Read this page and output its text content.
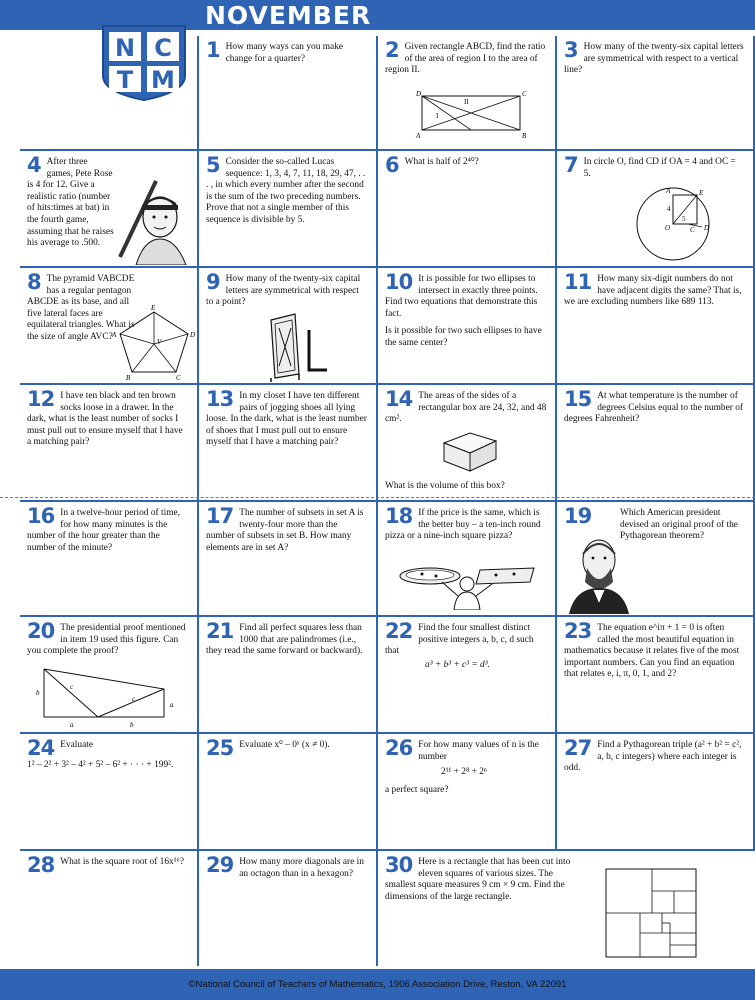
NOVEMBER
N C
T M
1 How many ways can you make change for a quarter?	2 Given rectangle ABCD, find the ratio of the area of region I to the area of region II.

D	C
A	B
I
II
3 How many of the twenty-six capital letters are symmetrical with respect to a vertical line?

4 After three games, Pete Rose is 4 for 12. Give a realistic ratio (number of hits:times at bat) in the fourth game, assuming that he raises his average to .500.

5 Consider the so-called Lucas sequence: 1, 3, 4, 7, 11, 18, 29, 47, . . . , in which every number after the second is the sum of the two preceding numbers. Prove that not a single member of this sequence is divisible by 5.

6 What is half of 2⁴⁰?	7 In circle O, find CD if OA = 4 and OC = 5.

A	E
O	C D
4
5
8 The pyramid VABCDE has a regular pentagon ABCDE as its base, and all five lateral faces are equilateral triangles. What is the size of angle AVC?

E
A
V
D
B	C
9 How many of the twenty-six capital letters are symmetrical with respect to a point?

10 It is possible for two ellipses to intersect in exactly three points. Find two equations that demonstrate this fact.

Is it possible for two such ellipses to have the same center?

11 How many six-digit numbers do not have adjacent digits the same? That is, we are excluding numbers like 689 113.

12 I have ten black and ten brown socks loose in a drawer. In the dark, what is the least number of socks I must pull out to ensure myself that I have a matching pair?

13 In my closet I have ten different pairs of jogging shoes all lying loose. In the dark, what is the least number of shoes that I must pull out to ensure myself that I have a matching pair?

14 The areas of the sides of a rectangular box are 24, 32, and 48 cm².

What is the volume of this box?

15 At what temperature is the number of degrees Celsius equal to the number of degrees Fahrenheit?

16 In a twelve-hour period of time, for how many minutes is the number of the hour greater than the number of the minute?

17 The number of subsets in set A is twenty-four more than the number of subsets in set B. How many elements are in set A?

18 If the price is the same, which is the better buy – a ten-inch round pizza or a nine-inch square pizza?

19	Which American president devised an original proof of the Pythagorean theorem?

20 The presidential proof mentioned in item 19 used this figure. Can you complete the proof?

b
c
c
a
a	b
21 Find all perfect squares less than 1000 that are palindromes (i.e., they read the same forward or backward).

22 Find the four smallest distinct positive integers a, b, c, d such that

a³ + b³ + c³ = d³.

23 The equation e^iπ + 1 = 0 is often called the most beautiful equation in mathematics because it relates five of the most important numbers. Can you find an equation that relates e, i, π, 0, 1, and 2?

24 Evaluate

1² – 2² + 3² – 4² + 5² – 6² + · · · + 199².

25 Evaluate x⁰ – 0ˣ (x ≠ 0).	26 For how many values of n is the number

2¹¹ + 2⁸ + 2ⁿ

a perfect square?

27 Find a Pythagorean triple (a² + b² = c², a, b, c integers) where each integer is odd.

28 What is the square root of 16x¹⁶? 29 How many more diagonals are in an octagon than in a hexagon?	30 Here is a rectangle that has been cut into eleven squares of various sizes. The smallest square measures 9 cm × 9 cm. Find the dimensions of the large rectangle.

©National Council of Teachers of Mathematics, 1906 Association Drive, Reston, VA 22091
